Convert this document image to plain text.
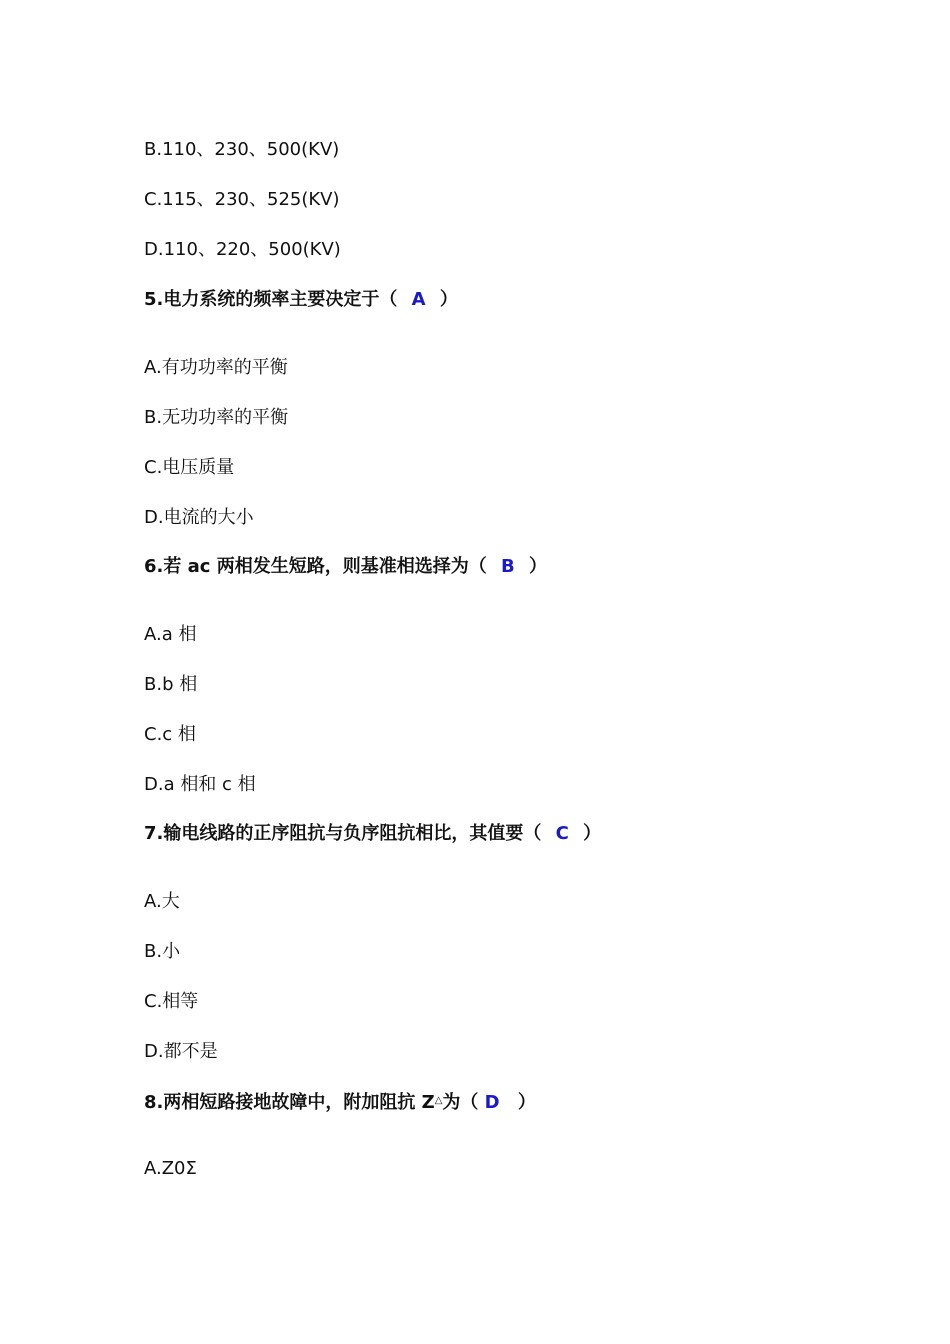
B.110、230、500(KV)
C.115、230、525(KV)
D.110、220、500(KV)
5.电力系统的频率主要决定于（ A ）
A.有功功率的平衡
B.无功功率的平衡
C.电压质量
D.电流的大小
6.若 ac 两相发生短路，则基准相选择为（ B ）
A.a 相
B.b 相
C.c 相
D.a 相和 c 相
7.输电线路的正序阻抗与负序阻抗相比，其值要（ C ）
A.大
B.小
C.相等
D.都不是
8.两相短路接地故障中，附加阻抗 Z△为（ D ）
A.Z0Σ
